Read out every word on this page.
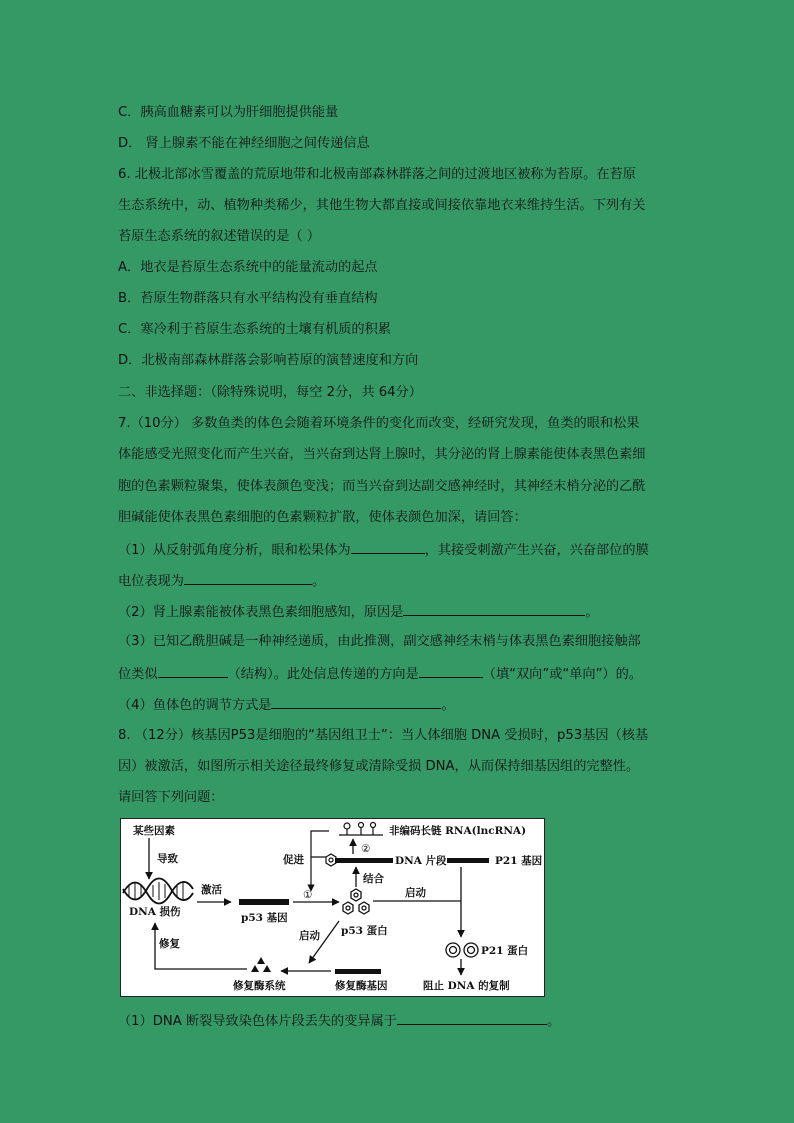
C．胰高血糖素可以为肝细胞提供能量
D． 肾上腺素不能在神经细胞之间传递信息
6. 北极北部冰雪覆盖的荒原地带和北极南部森林群落之间的过渡地区被称为苔原。在苔原
生态系统中，动、植物种类稀少，其他生物大都直接或间接依靠地衣来维持生活。下列有关
苔原生态系统的叙述错误的是（ ）
A．地衣是苔原生态系统中的能量流动的起点
B．苔原生物群落只有水平结构没有垂直结构
C．寒冷利于苔原生态系统的土壤有机质的积累
D．北极南部森林群落会影响苔原的演替速度和方向
二、非选择题：（除特殊说明，每空 2分，共 64分）
7.（10分） 多数鱼类的体色会随着环境条件的变化而改变，经研究发现，鱼类的眼和松果
体能感受光照变化而产生兴奋，当兴奋到达肾上腺时，其分泌的肾上腺素能使体表黑色素细
胞的色素颗粒聚集，使体表颜色变浅；而当兴奋到达副交感神经时，其神经末梢分泌的乙酰
胆碱能使体表黑色素细胞的色素颗粒扩散，使体表颜色加深，请回答：
（1）从反射弧角度分析，眼和松果体为	，其接受刺激产生兴奋，兴奋部位的膜
电位表现为	。
（2）肾上腺素能被体表黑色素细胞感知，原因是	。
（3）已知乙酰胆碱是一种神经递质，由此推测，副交感神经末梢与体表黑色素细胞接触部
位类似	（结构）。此处信息传递的方向是	（填“双向”或“单向”）的。
（4）鱼体色的调节方式是	。
8. （12分）核基因P53是细胞的“基因组卫士”：当人体细胞 DNA 受损时，p53基因（核基
因）被激活，如图所示相关途径最终修复或清除受损 DNA，从而保持细基因组的完整性。
请回答下列问题：
某些因素
导致
DNA 损伤
激活
p53 基因
①
p53 蛋白
结合
DNA 片段
②
非编码长链 RNA(lncRNA)
促进	P21 基因
启动
P21 蛋白
阻止 DNA 的复制
启动
修复酶基因
修复酶系统
修复
（1）DNA 断裂导致染色体片段丢失的变异属于	。
